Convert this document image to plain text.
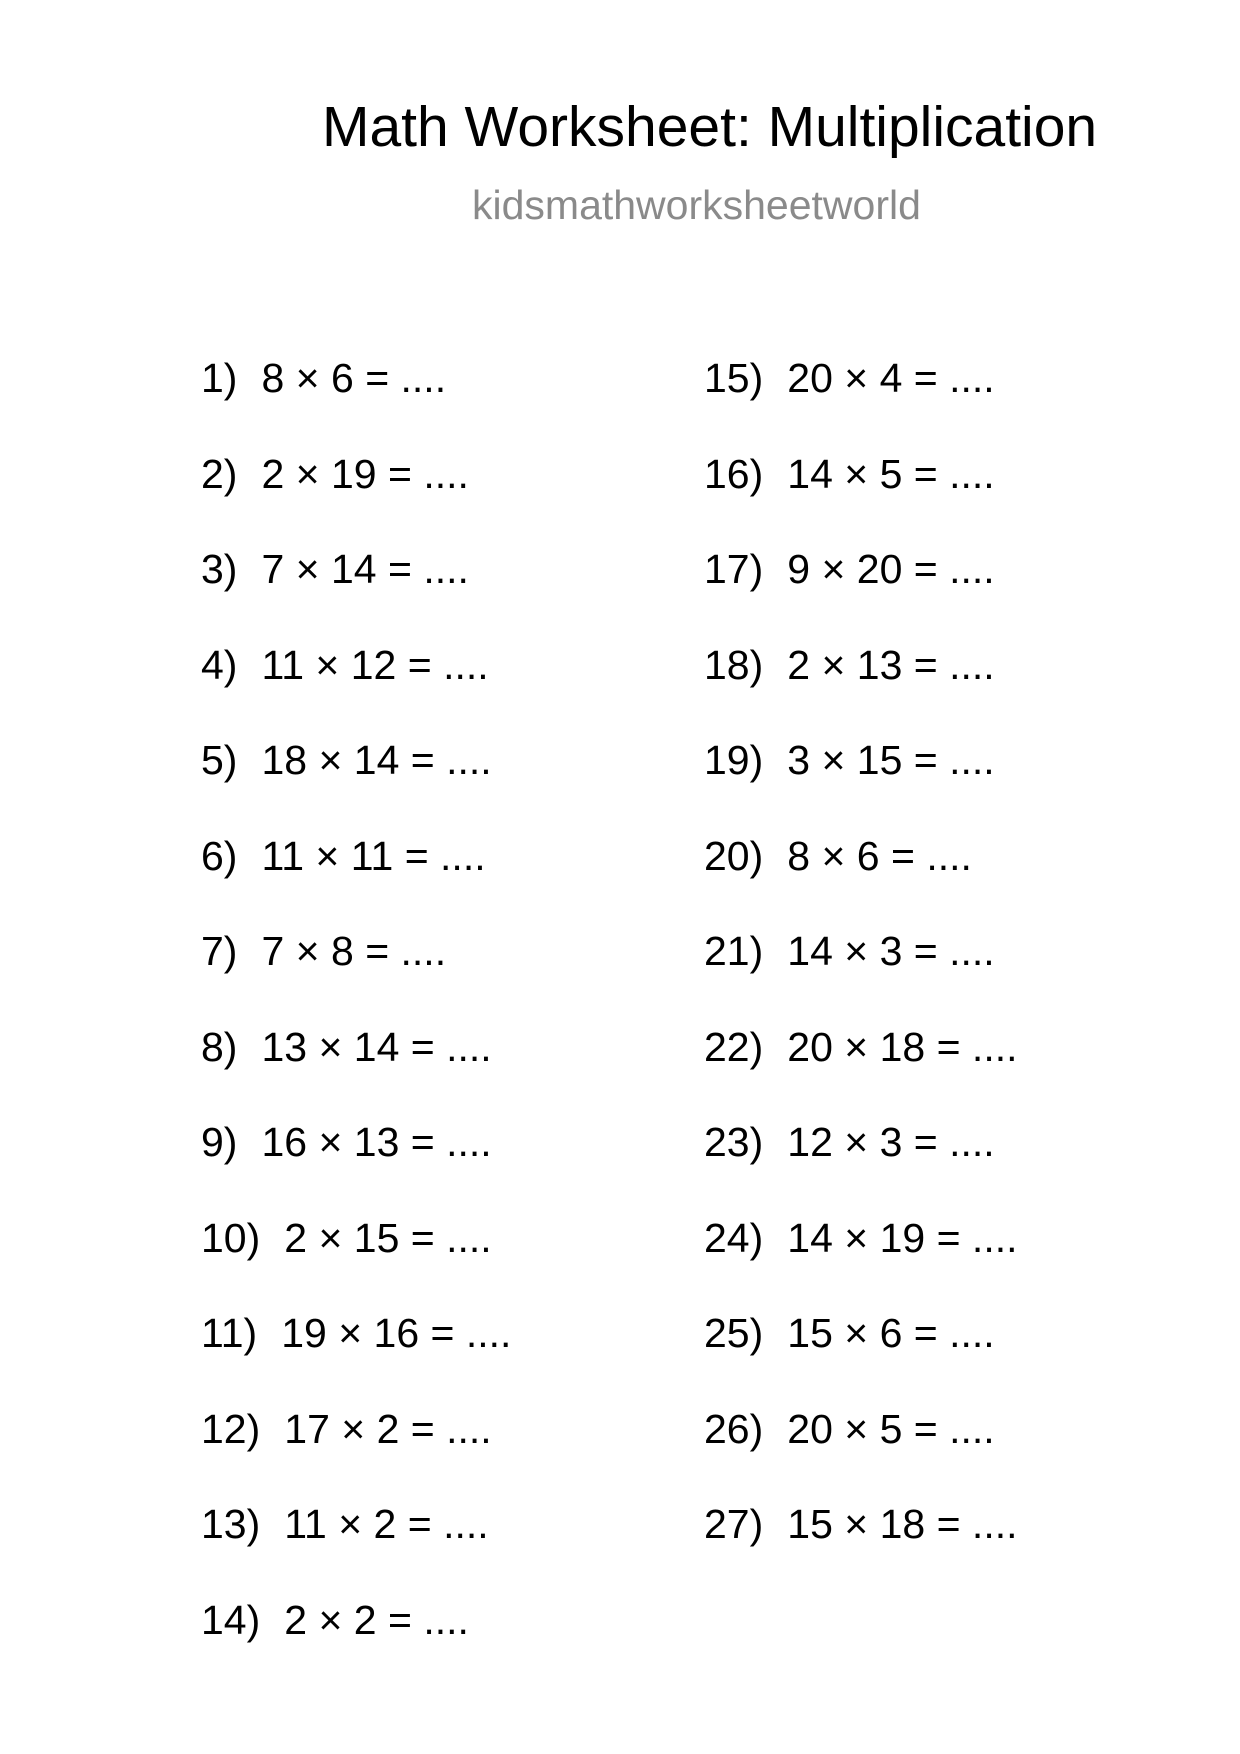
Math Worksheet: Multiplication
kidsmathworksheetworld
1) 8 × 6 = ....
2) 2 × 19 = ....
3) 7 × 14 = ....
4) 11 × 12 = ....
5) 18 × 14 = ....
6) 11 × 11 = ....
7) 7 × 8 = ....
8) 13 × 14 = ....
9) 16 × 13 = ....
10) 2 × 15 = ....
11) 19 × 16 = ....
12) 17 × 2 = ....
13) 11 × 2 = ....
14) 2 × 2 = ....
15) 20 × 4 = ....
16) 14 × 5 = ....
17) 9 × 20 = ....
18) 2 × 13 = ....
19) 3 × 15 = ....
20) 8 × 6 = ....
21) 14 × 3 = ....
22) 20 × 18 = ....
23) 12 × 3 = ....
24) 14 × 19 = ....
25) 15 × 6 = ....
26) 20 × 5 = ....
27) 15 × 18 = ....
